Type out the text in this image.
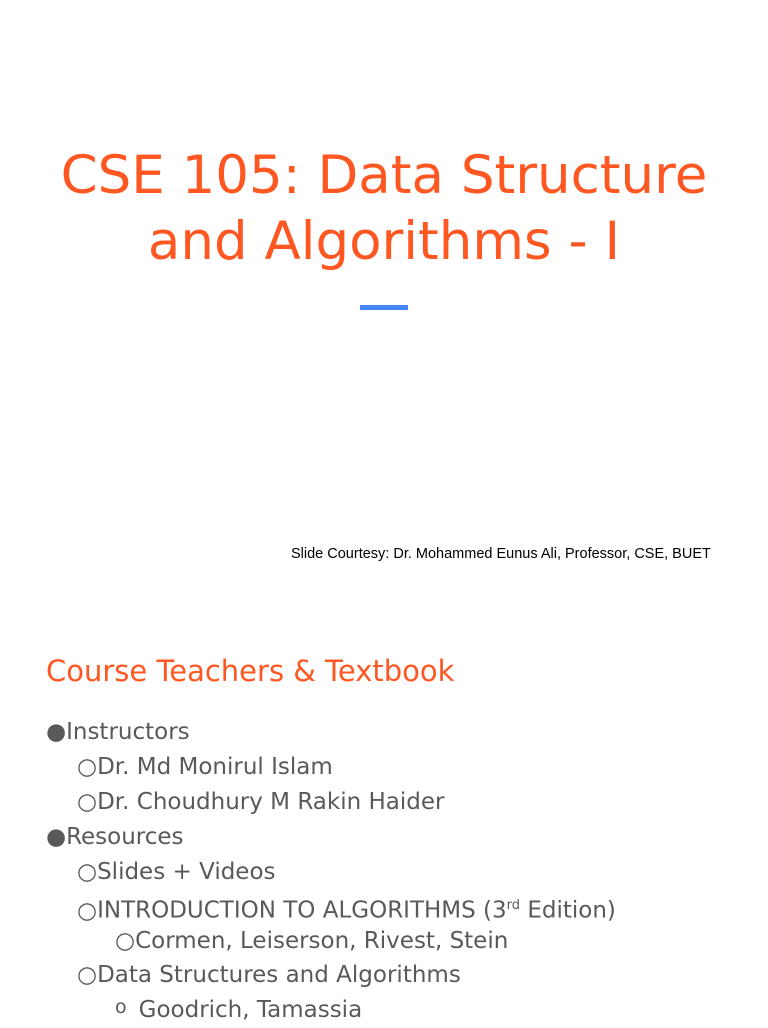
CSE 105: Data Structure
and Algorithms - I
Slide Courtesy: Dr. Mohammed Eunus Ali, Professor, CSE, BUET
Course Teachers & Textbook
●Instructors
○Dr. Md Monirul Islam
○Dr. Choudhury M Rakin Haider
●Resources
○Slides + Videos
○INTRODUCTION TO ALGORITHMS (3rd Edition)
○Cormen, Leiserson, Rivest, Stein
○Data Structures and Algorithms
o Goodrich, Tamassia
